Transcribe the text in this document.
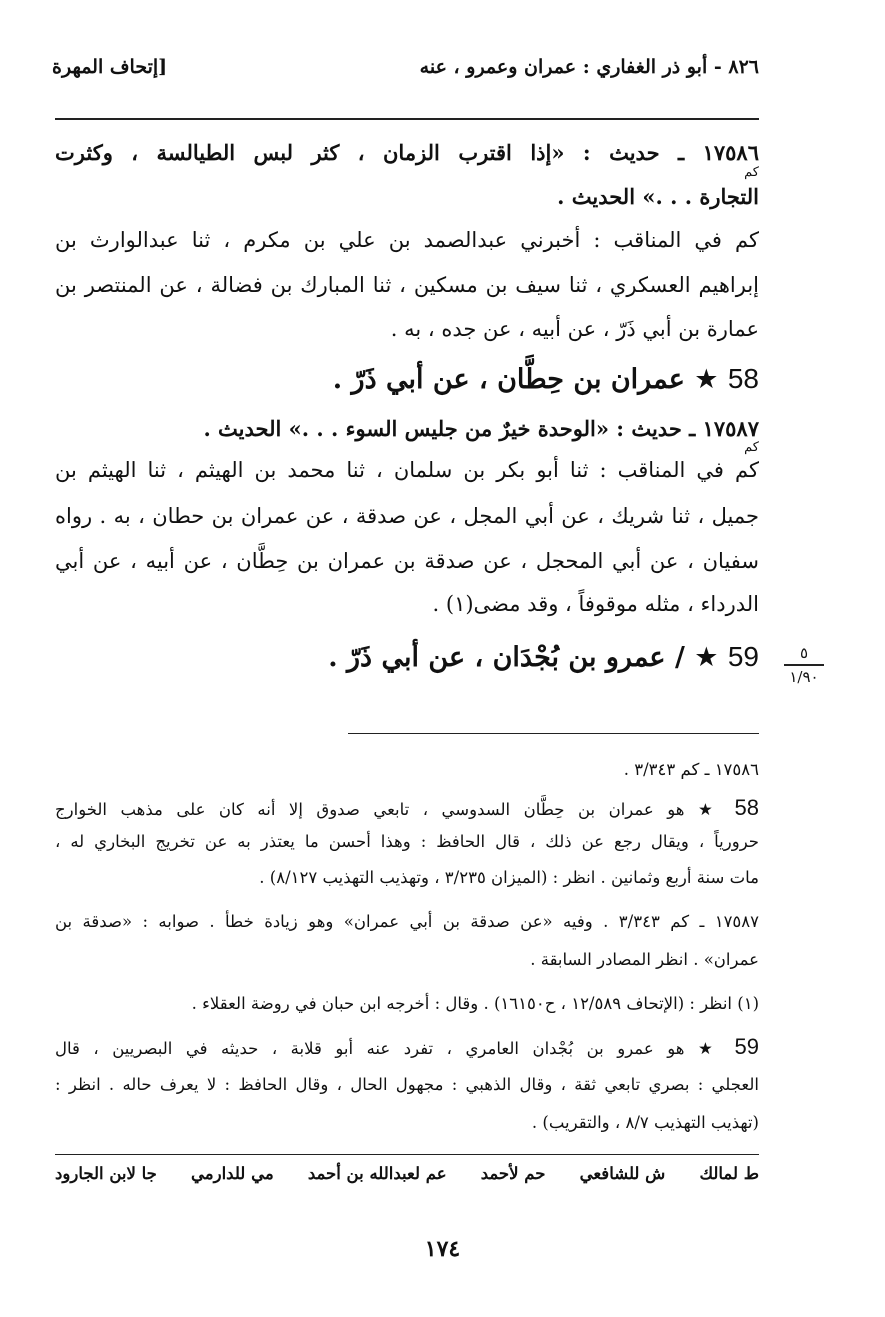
٨٢٦ - أبو ذر الغفاري : عمران وعمرو ، عنه
[إتحاف المهرة
١٧٥٨٦ ـ حديث : «إذا اقترب الزمان ، كثر لبس الطيالسة ، وكثرت
كم
التجارة . . .» الحديث .
كم في المناقب : أخبرني عبدالصمد بن علي بن مكرم ، ثنا عبدالوارث بن
إبراهيم العسكري ، ثنا سيف بن مسكين ، ثنا المبارك بن فضالة ، عن المنتصر بن
عمارة بن أبي ذَرّ ، عن أبيه ، عن جده ، به .
58 ★ عمران بن حِطَّان ، عن أبي ذَرّ .
١٧٥٨٧ ـ حديث : «الوحدة خيرٌ من جليس السوء . . .» الحديث .
كم
كم في المناقب : ثنا أبو بكر بن سلمان ، ثنا محمد بن الهيثم ، ثنا الهيثم بن
جميل ، ثنا شريك ، عن أبي المجل ، عن صدقة ، عن عمران بن حطان ، به . رواه
سفيان ، عن أبي المحجل ، عن صدقة بن عمران بن حِطَّان ، عن أبيه ، عن أبي
الدرداء ، مثله موقوفاً ، وقد مضى(١) .
59 ★ / عمرو بن بُجْدَان ، عن أبي ذَرّ .	٥
١/٩٠
١٧٥٨٦ ـ كم ٣/٣٤٣ .
58 ★ هو عمران بن حِطَّان السدوسي ، تابعي صدوق إلا أنه كان على مذهب الخوارج
حرورياً ، ويقال رجع عن ذلك ، قال الحافظ : وهذا أحسن ما يعتذر به عن تخريج البخاري له ،
مات سنة أربع وثمانين . انظر : (الميزان ٣/٢٣٥ ، وتهذيب التهذيب ٨/١٢٧) .
١٧٥٨٧ ـ كم ٣/٣٤٣ . وفيه «عن صدقة بن أبي عمران» وهو زيادة خطأ . صوابه : «صدقة بن
عمران» . انظر المصادر السابقة .
(١) انظر : (الإتحاف ١٢/٥٨٩ ، ح١٦١٥٠) . وقال : أخرجه ابن حبان في روضة العقلاء .
59 ★ هو عمرو بن بُجْدان العامري ، تفرد عنه أبو قلابة ، حديثه في البصريين ، قال
العجلي : بصري تابعي ثقة ، وقال الذهبي : مجهول الحال ، وقال الحافظ : لا يعرف حاله . انظر :
(تهذيب التهذيب ٨/٧ ، والتقريب) .
ط لمالك
ش للشافعي
حم لأحمد
عم لعبدالله بن أحمد
مي للدارمي
جا لابن الجارود
١٧٤
